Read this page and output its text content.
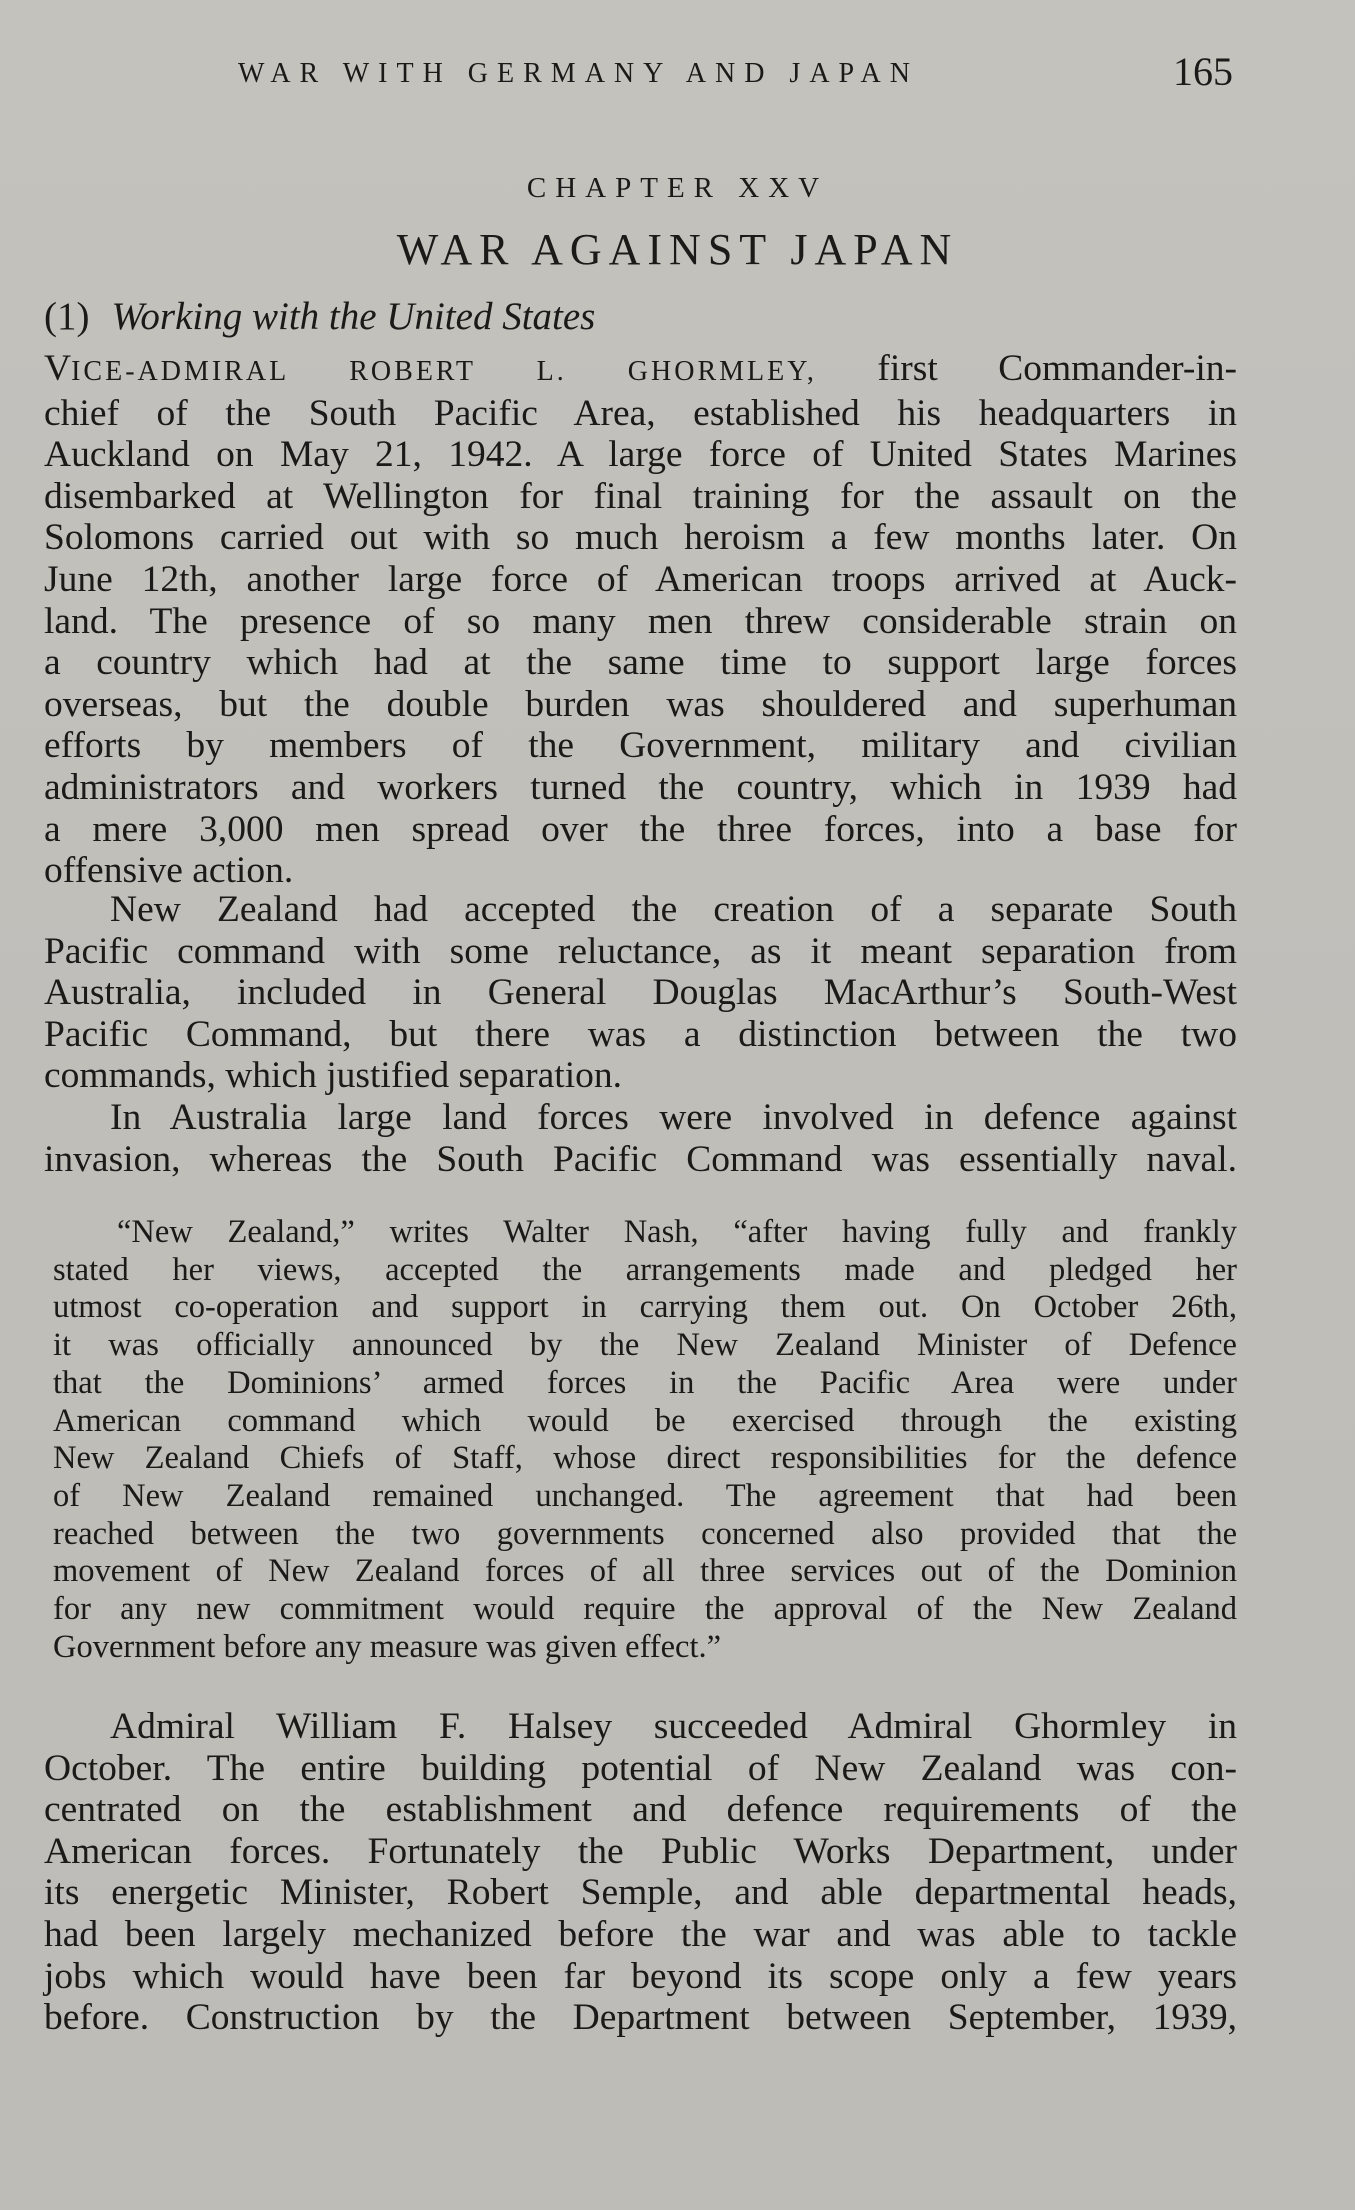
WAR WITH GERMANY AND JAPAN	165
CHAPTER XXV
WAR AGAINST JAPAN
(1) Working with the United States
VICE-ADMIRAL ROBERT L. GHORMLEY, first Commander-in-
chief of the South Pacific Area, established his headquarters in
Auckland on May 21, 1942. A large force of United States Marines
disembarked at Wellington for final training for the assault on the
Solomons carried out with so much heroism a few months later. On
June 12th, another large force of American troops arrived at Auck-
land. The presence of so many men threw considerable strain on
a country which had at the same time to support large forces
overseas, but the double burden was shouldered and superhuman
efforts by members of the Government, military and civilian
administrators and workers turned the country, which in 1939 had
a mere 3,000 men spread over the three forces, into a base for
offensive action.
New Zealand had accepted the creation of a separate South
Pacific command with some reluctance, as it meant separation from
Australia, included in General Douglas MacArthur’s South-West
Pacific Command, but there was a distinction between the two
commands, which justified separation.
In Australia large land forces were involved in defence against
invasion, whereas the South Pacific Command was essentially naval.
“New Zealand,” writes Walter Nash, “after having fully and frankly
stated her views, accepted the arrangements made and pledged her
utmost co-operation and support in carrying them out. On October 26th,
it was officially announced by the New Zealand Minister of Defence
that the Dominions’ armed forces in the Pacific Area were under
American command which would be exercised through the existing
New Zealand Chiefs of Staff, whose direct responsibilities for the defence
of New Zealand remained unchanged. The agreement that had been
reached between the two governments concerned also provided that the
movement of New Zealand forces of all three services out of the Dominion
for any new commitment would require the approval of the New Zealand
Government before any measure was given effect.”
Admiral William F. Halsey succeeded Admiral Ghormley in
October. The entire building potential of New Zealand was con-
centrated on the establishment and defence requirements of the
American forces. Fortunately the Public Works Department, under
its energetic Minister, Robert Semple, and able departmental heads,
had been largely mechanized before the war and was able to tackle
jobs which would have been far beyond its scope only a few years
before. Construction by the Department between September, 1939,
